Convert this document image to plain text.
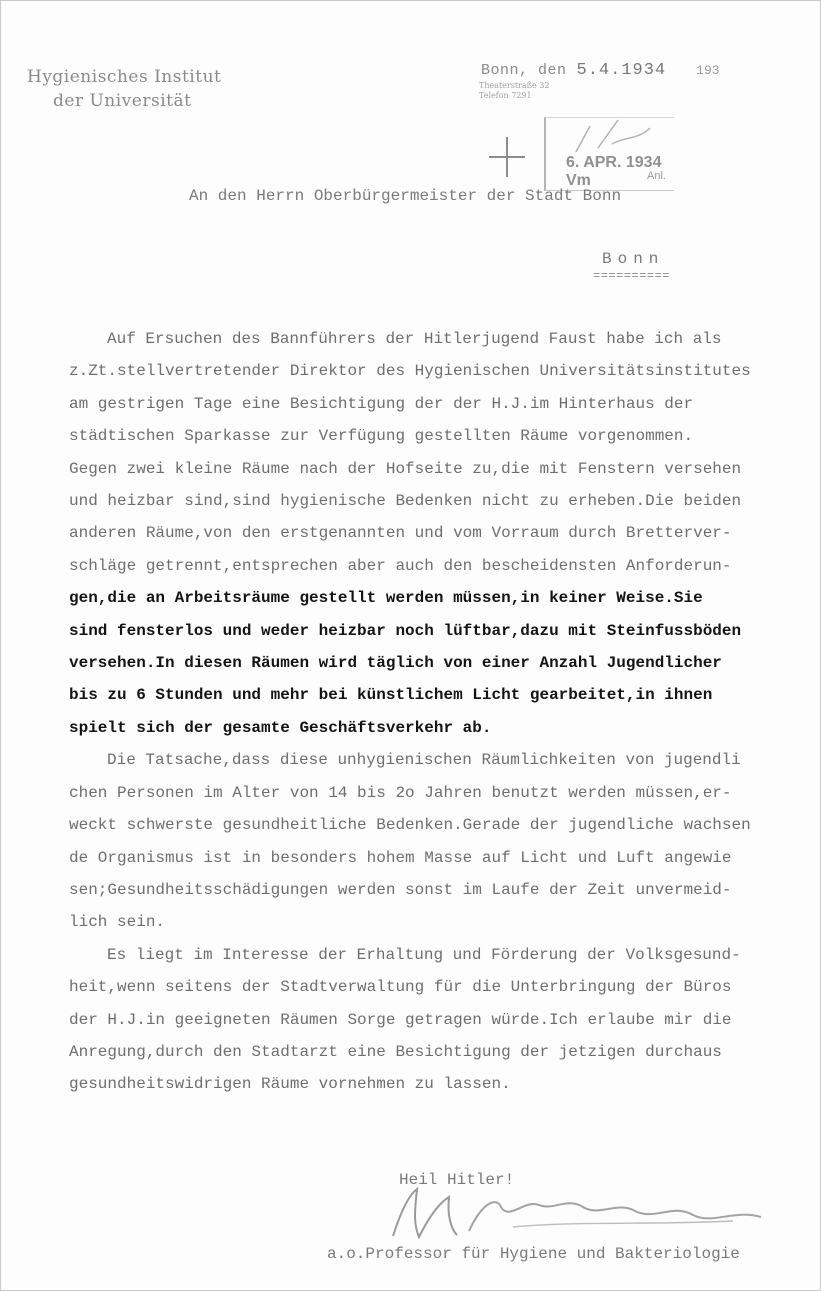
Hygienisches Institut
der Universität
Bonn, den 5.4.1934 193
Theaterstraße 32
Telefon 7291
6. APR. 1934 Vm	Anl.
An den Herrn Oberbürgermeister der Stadt Bonn
Bonn
==========
Auf Ersuchen des Bannführers der Hitlerjugend Faust habe ich als
z.Zt.stellvertretender Direktor des Hygienischen Universitätsinstitutes
am gestrigen Tage eine Besichtigung der der H.J.im Hinterhaus der
städtischen Sparkasse zur Verfügung gestellten Räume vorgenommen.
Gegen zwei kleine Räume nach der Hofseite zu,die mit Fenstern versehen
und heizbar sind,sind hygienische Bedenken nicht zu erheben.Die beiden
anderen Räume,von den erstgenannten und vom Vorraum durch Bretterver-
schläge getrennt,entsprechen aber auch den bescheidensten Anforderun-
gen,die an Arbeitsräume gestellt werden müssen,in keiner Weise.Sie
sind fensterlos und weder heizbar noch lüftbar,dazu mit Steinfussböden
versehen.In diesen Räumen wird täglich von einer Anzahl Jugendlicher
bis zu 6 Stunden und mehr bei künstlichem Licht gearbeitet,in ihnen
spielt sich der gesamte Geschäftsverkehr ab.
Die Tatsache,dass diese unhygienischen Räumlichkeiten von jugendli
chen Personen im Alter von 14 bis 2o Jahren benutzt werden müssen,er-
weckt schwerste gesundheitliche Bedenken.Gerade der jugendliche wachsen
de Organismus ist in besonders hohem Masse auf Licht und Luft angewie
sen;Gesundheitsschädigungen werden sonst im Laufe der Zeit unvermeid-
lich sein.
Es liegt im Interesse der Erhaltung und Förderung der Volksgesund-
heit,wenn seitens der Stadtverwaltung für die Unterbringung der Büros
der H.J.in geeigneten Räumen Sorge getragen würde.Ich erlaube mir die
Anregung,durch den Stadtarzt eine Besichtigung der jetzigen durchaus
gesundheitswidrigen Räume vornehmen zu lassen.
Heil Hitler!
a.o.Professor für Hygiene und Bakteriologie
